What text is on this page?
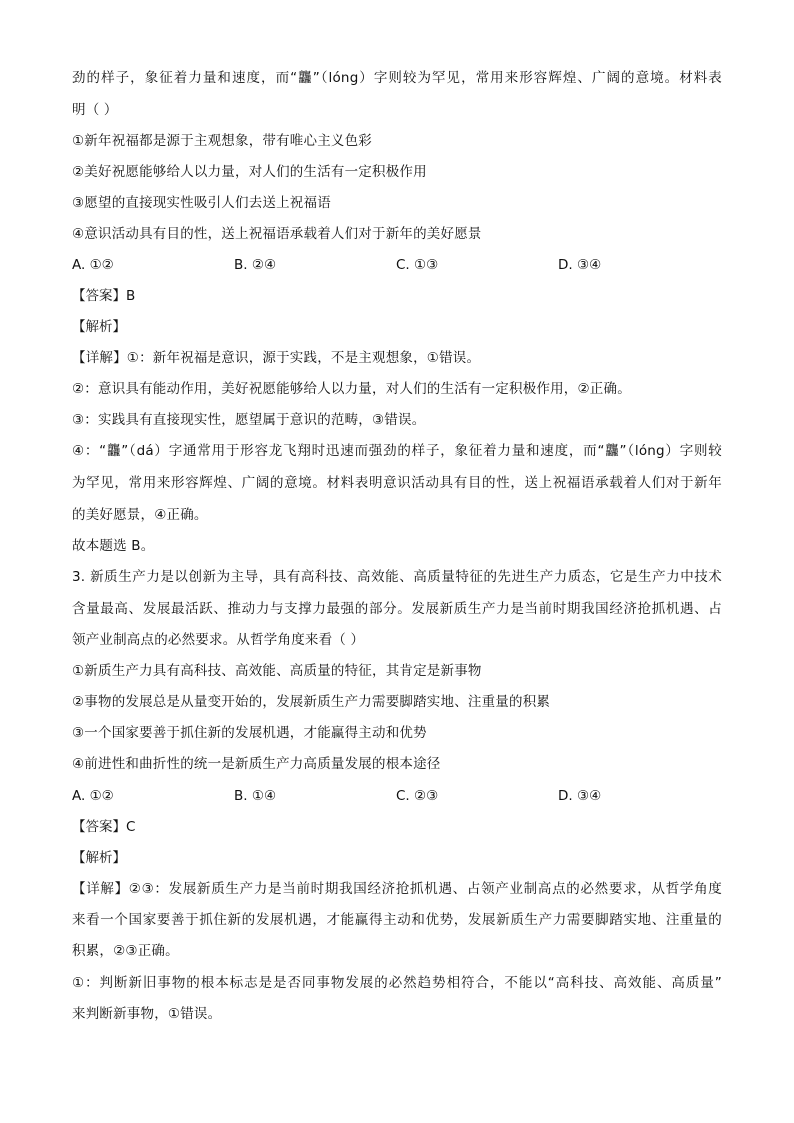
劲的样子，象征着力量和速度，而“龘”（lóng）字则较为罕见，常用来形容辉煌、广阔的意境。材料表
明（ ）
①新年祝福都是源于主观想象，带有唯心主义色彩
②美好祝愿能够给人以力量，对人们的生活有一定积极作用
③愿望的直接现实性吸引人们去送上祝福语
④意识活动具有目的性，送上祝福语承载着人们对于新年的美好愿景
A. ①②	B. ②④	C. ①③	D. ③④
【答案】B
【解析】
【详解】①：新年祝福是意识，源于实践，不是主观想象，①错误。
②：意识具有能动作用，美好祝愿能够给人以力量，对人们的生活有一定积极作用，②正确。
③：实践具有直接现实性，愿望属于意识的范畴，③错误。
④：“龘”（dá）字通常用于形容龙飞翔时迅速而强劲的样子，象征着力量和速度，而“龘”（lóng）字则较
为罕见，常用来形容辉煌、广阔的意境。材料表明意识活动具有目的性，送上祝福语承载着人们对于新年
的美好愿景，④正确。
故本题选 B。
3. 新质生产力是以创新为主导，具有高科技、高效能、高质量特征的先进生产力质态，它是生产力中技术
含量最高、发展最活跃、推动力与支撑力最强的部分。发展新质生产力是当前时期我国经济抢抓机遇、占
领产业制高点的必然要求。从哲学角度来看（ ）
①新质生产力具有高科技、高效能、高质量的特征，其肯定是新事物
②事物的发展总是从量变开始的，发展新质生产力需要脚踏实地、注重量的积累
③一个国家要善于抓住新的发展机遇，才能赢得主动和优势
④前进性和曲折性的统一是新质生产力高质量发展的根本途径
A. ①②	B. ①④	C. ②③	D. ③④
【答案】C
【解析】
【详解】②③：发展新质生产力是当前时期我国经济抢抓机遇、占领产业制高点的必然要求，从哲学角度
来看一个国家要善于抓住新的发展机遇，才能赢得主动和优势，发展新质生产力需要脚踏实地、注重量的
积累，②③正确。
①：判断新旧事物的根本标志是是否同事物发展的必然趋势相符合，不能以“高科技、高效能、高质量”
来判断新事物，①错误。
